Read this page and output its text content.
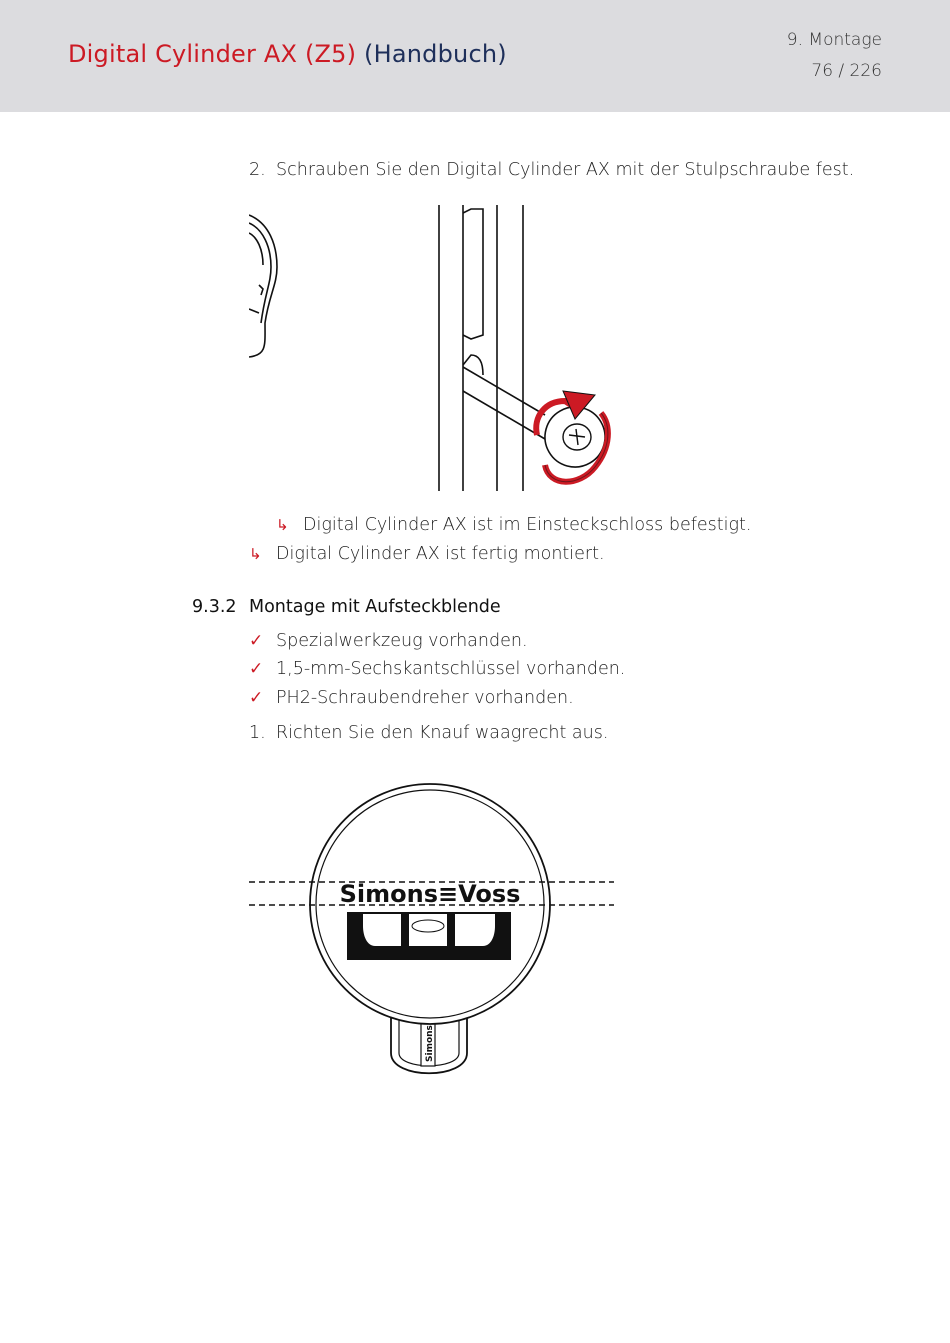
Digital Cylinder AX (Z5) (Handbuch)	9. Montage
76 / 226
2. Schrauben Sie den Digital Cylinder AX mit der Stulpschraube fest.
↳ Digital Cylinder AX ist im Einsteckschloss befestigt.
↳ Digital Cylinder AX ist fertig montiert.
9.3.2 Montage mit Aufsteckblende
✓ Spezialwerkzeug vorhanden.
✓ 1,5-mm-Sechskantschlüssel vorhanden.
✓ PH2-Schraubendreher vorhanden.
1. Richten Sie den Knauf waagrecht aus.
Simons
Simons≡Voss
